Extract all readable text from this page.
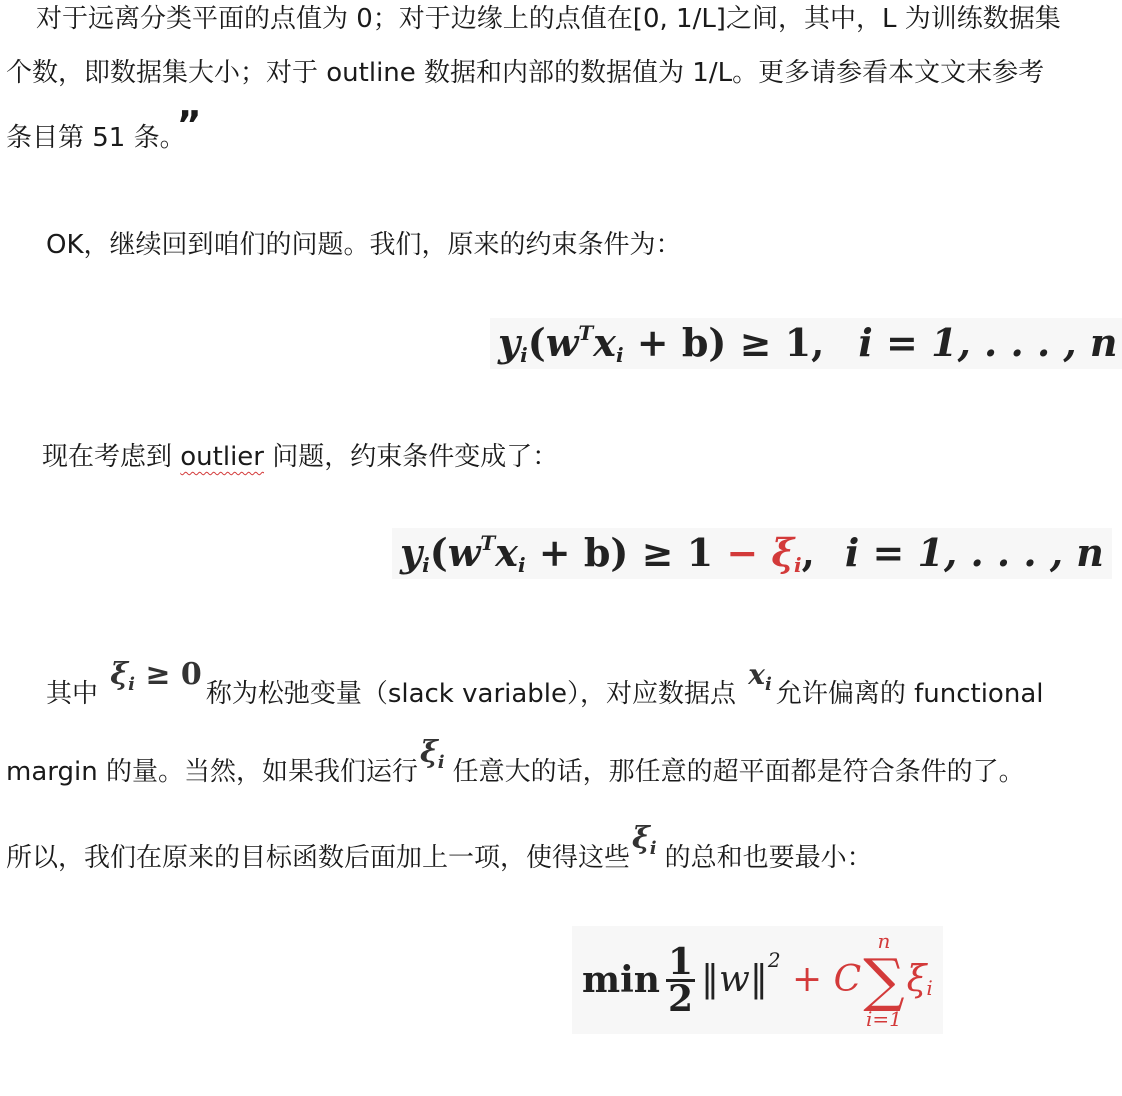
对于远离分类平面的点值为 0；对于边缘上的点值在[0, 1/L]之间，其中，L 为训练数据集
个数，即数据集大小；对于 outline 数据和内部的数据值为 1/L。更多请参看本文文末参考
条目第 51 条。 ”
OK，继续回到咱们的问题。我们，原来的约束条件为：
$y_i(w^Tx_i + b) \ge 1$, i = 1, . . . , n
现在考虑到 outlier 问题，约束条件变成了：
$y_i(w^Tx_i + b) \ge 1 - \xi_i$, i = 1, . . . , n
其中 $\xi_i \ge 0$称为松弛变量（slack variable），对应数据点 $x_i$ 允许偏离的 functional
margin 的量。当然，如果我们运行$\xi_i$ 任意大的话，那任意的超平面都是符合条件的了。
所以，我们在原来的目标函数后面加上一项，使得这些$\xi_i$ 的总和也要最小：
$\min \frac{1}{2}$ ‖w‖$^2$ + C
n
∑
i=1
$\xi_i$
